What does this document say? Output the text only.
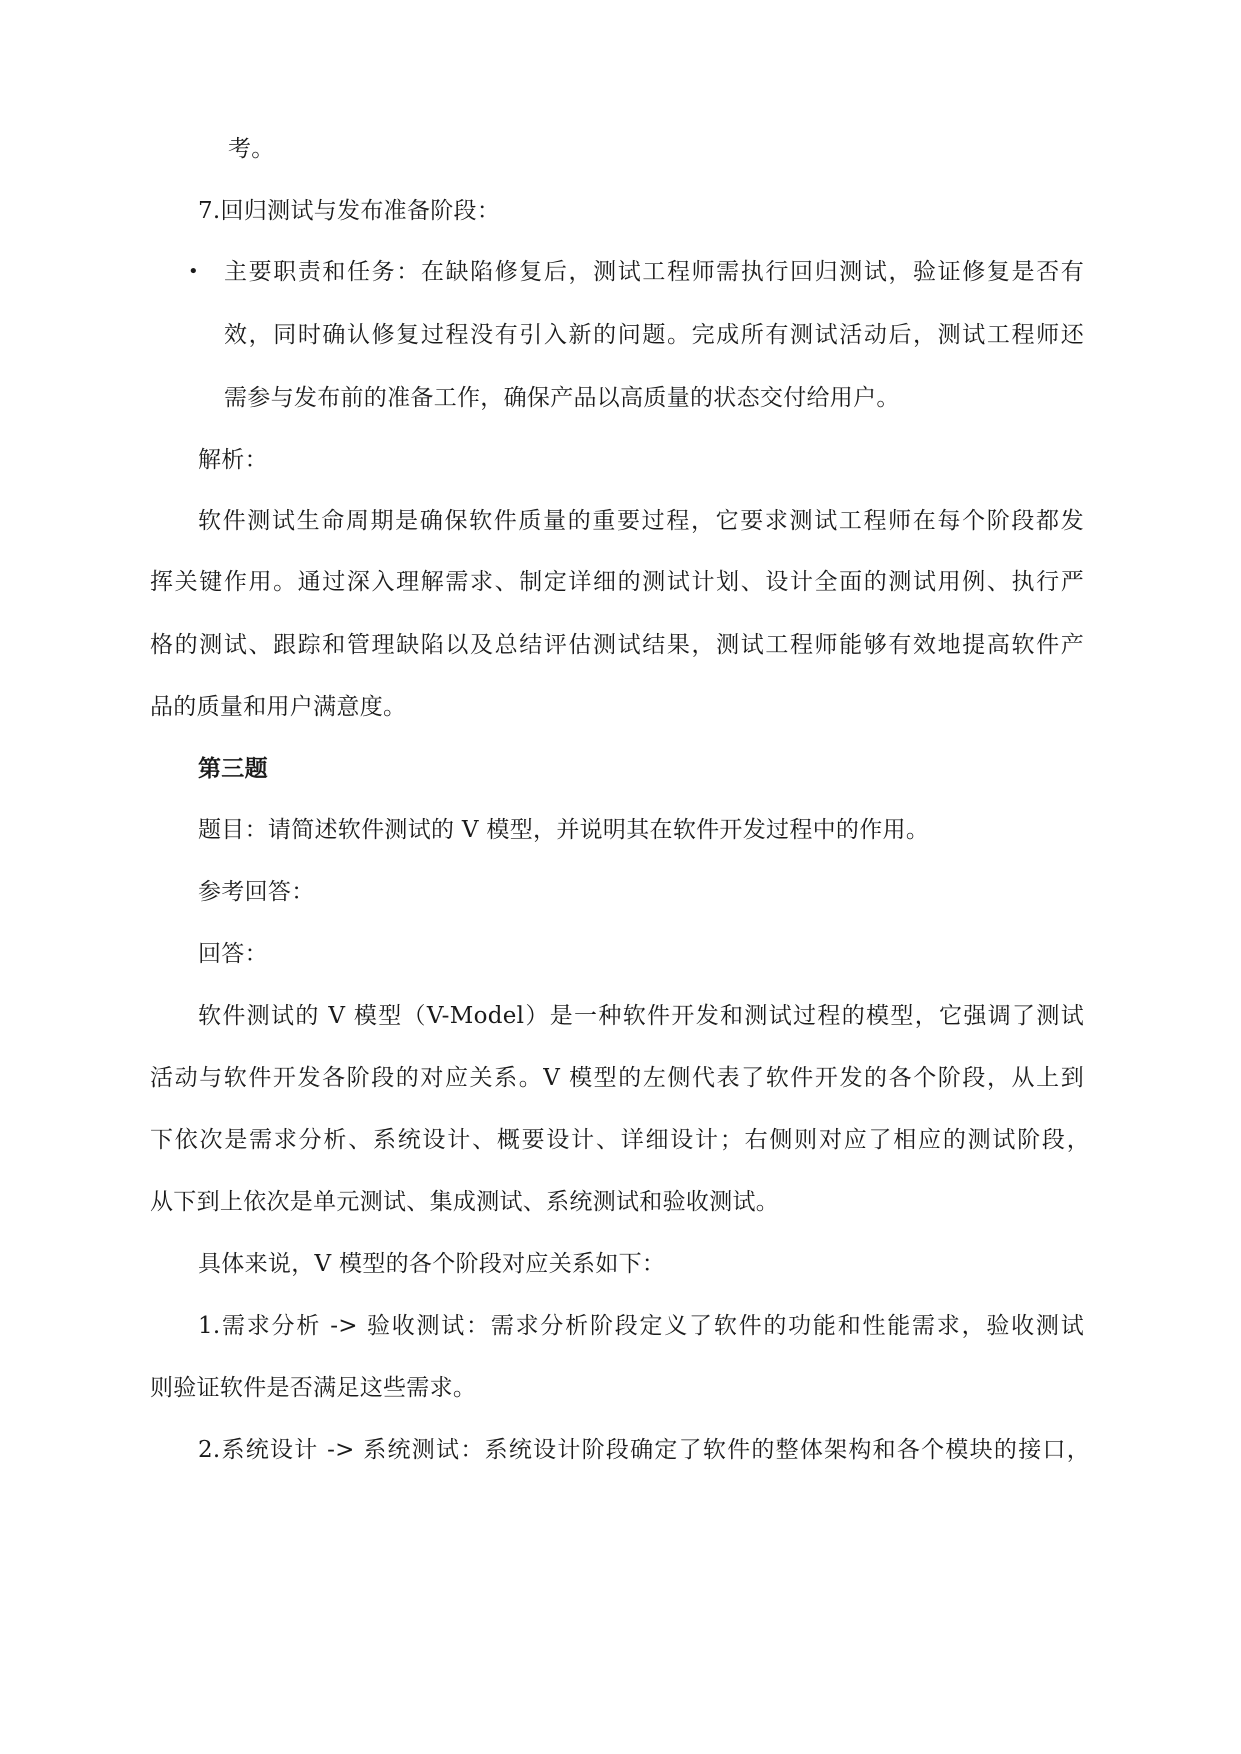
考。
7.回归测试与发布准备阶段：
• 主要职责和任务：在缺陷修复后，测试工程师需执行回归测试，验证修复是否有
效，同时确认修复过程没有引入新的问题。完成所有测试活动后，测试工程师还
需参与发布前的准备工作，确保产品以高质量的状态交付给用户。
解析：
软件测试生命周期是确保软件质量的重要过程，它要求测试工程师在每个阶段都发
挥关键作用。通过深入理解需求、制定详细的测试计划、设计全面的测试用例、执行严
格的测试、跟踪和管理缺陷以及总结评估测试结果，测试工程师能够有效地提高软件产
品的质量和用户满意度。
第三题
题目：请简述软件测试的 V 模型，并说明其在软件开发过程中的作用。
参考回答：
回答：
软件测试的 V 模型（V-Model）是一种软件开发和测试过程的模型，它强调了测试
活动与软件开发各阶段的对应关系。V 模型的左侧代表了软件开发的各个阶段，从上到
下依次是需求分析、系统设计、概要设计、详细设计；右侧则对应了相应的测试阶段，
从下到上依次是单元测试、集成测试、系统测试和验收测试。
具体来说，V 模型的各个阶段对应关系如下：
1.需求分析 -> 验收测试：需求分析阶段定义了软件的功能和性能需求，验收测试
则验证软件是否满足这些需求。
2.系统设计 -> 系统测试：系统设计阶段确定了软件的整体架构和各个模块的接口，
